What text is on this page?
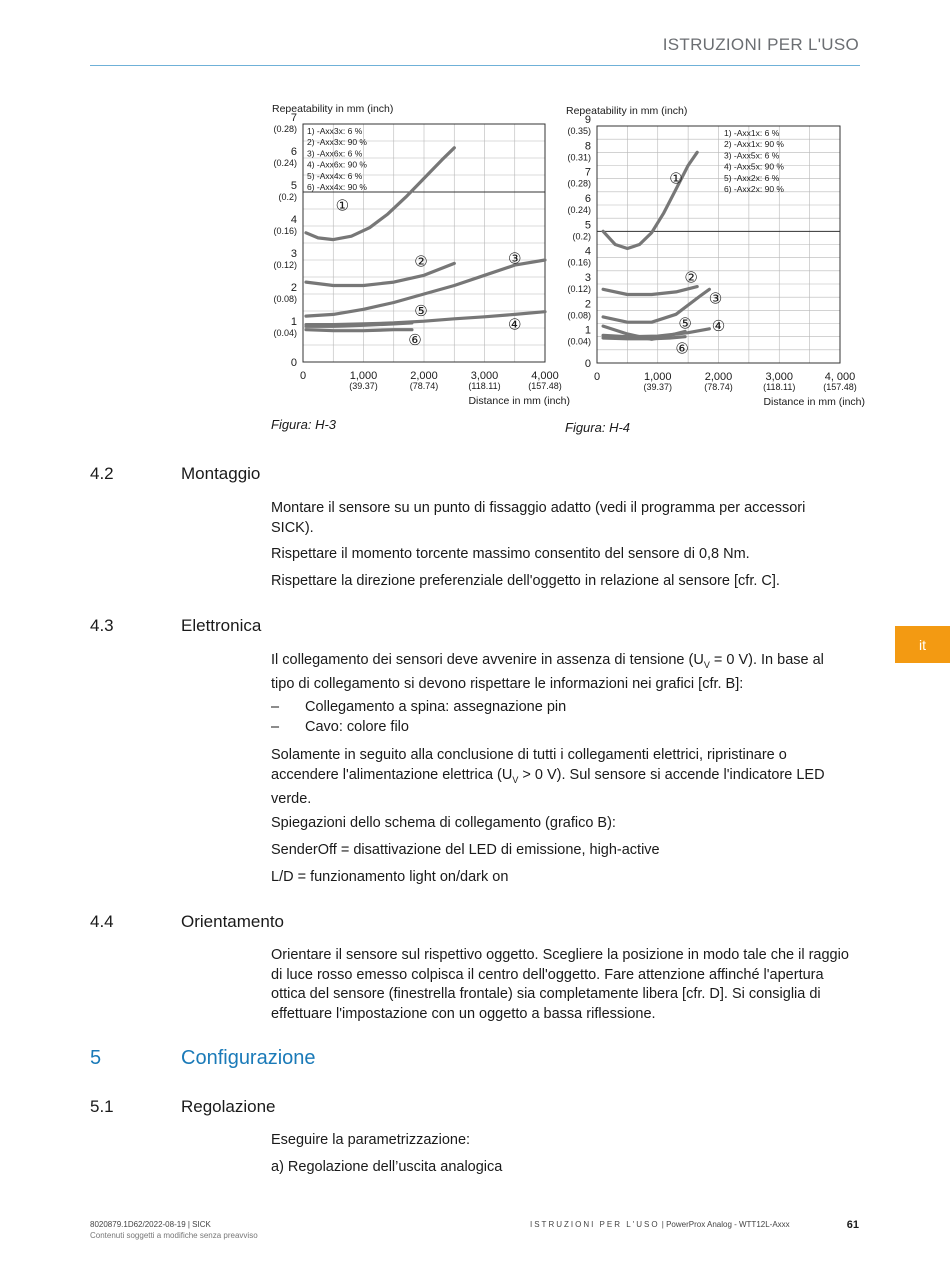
ISTRUZIONI PER L'USO
0
1
(0.04)
2
(0.08)
3
(0.12)
4
(0.16)
5
(0.2)
6
(0.24)
7
(0.28)
0	1,000
(39.37)
2,000
(78.74)
3,000
(118.11)
4,000
(157.48)
Repeatability in mm (inch)
Distance in mm (inch)
1) -Axx3x: 6 %
2) -Axx3x: 90 %
3) -Axx6x: 6 %
4) -Axx6x: 90 %
5) -Axx4x: 6 %
6) -Axx4x: 90 %
①
②	③
④
⑤
⑥
0
1
(0.04)
2
(0.08)
3
(0.12)
4
(0.16)
5
(0.2)
6
(0.24)
7
(0.28)
8
(0.31)
9
(0.35)
0	1,000
(39.37)
2,000
(78.74)
3,000
(118.11)
4, 000
(157.48)
Repeatability in mm (inch)
Distance in mm (inch)
1) -Axx1x: 6 %
2) -Axx1x: 90 %
3) -Axx5x: 6 %
4) -Axx5x: 90 %
5) -Axx2x: 6 %
6) -Axx2x: 90 %
①
②
③
④
⑤
⑥
Figura: H-3	Figura: H-4
4.2	Montaggio

Montare il sensore su un punto di fissaggio adatto (vedi il programma per accessori SICK).

Rispettare il momento torcente massimo consentito del sensore di 0,8 Nm.

Rispettare la direzione preferenziale dell'oggetto in relazione al sensore [cfr. C].

it
4.3	Elettronica

Il collegamento dei sensori deve avvenire in assenza di tensione ($U_V = 0$ V). In base al tipo di collegamento si devono rispettare le informazioni nei grafici [cfr. B]:

– Collegamento a spina: assegnazione pin
– Cavo: colore filo

Solamente in seguito alla conclusione di tutti i collegamenti elettrici, ripristinare o accendere l'alimentazione elettrica ($U_V > 0$ V). Sul sensore si accende l'indicatore LED verde.

Spiegazioni dello schema di collegamento (grafico B):

SenderOff = disattivazione del LED di emissione, high-active

L/D = funzionamento light on/dark on

4.4	Orientamento

Orientare il sensore sul rispettivo oggetto. Scegliere la posizione in modo tale che il raggio di luce rosso emesso colpisca il centro dell'oggetto. Fare attenzione affinché l'apertura ottica del sensore (finestrella frontale) sia completamente libera [cfr. D]. Si consiglia di effettuare l'impostazione con un oggetto a bassa riflessione.

5	Configurazione
5.1	Regolazione

Eseguire la parametrizzazione:

a) Regolazione dell’uscita analogica

8020879.1D62/2022-08-19 | SICK
Contenuti soggetti a modifiche senza preavviso
ISTRUZIONI PER L'USO | PowerProx Analog - WTT12L-Axxx	61
